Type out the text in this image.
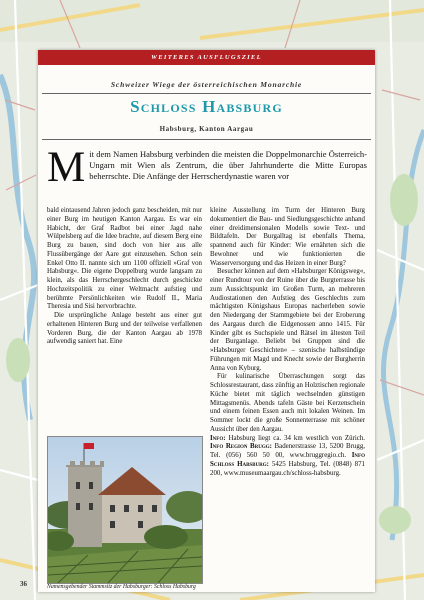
WEITERES AUSFLUGSZIEL
Schweizer Wiege der österreichischen Monarchie
Schloss Habsburg
Habsburg, Kanton Aargau
Mit dem Namen Habsburg verbinden die meisten die Doppelmonarchie Österreich-Ungarn mit Wien als Zentrum, die über Jahrhunderte die Mitte Europas beherrschte. Die Anfänge der Herrscherdynastie waren vor

bald eintausend Jahren jedoch ganz bescheiden, mit nur einer Burg im heutigen Kanton Aargau. Es war ein Habicht, der Graf Radbot bei einer Jagd nahe Wülpelsberg auf die Idee brachte, auf diesem Berg eine Burg zu bauen, sind doch von hier aus alle Flussübergänge der Aare gut einzusehen. Schon sein Enkel Otto II. nannte sich um 1100 offiziell »Graf von Habsburg«. Die eigene Doppelburg wurde langsam zu klein, als das Herrschergeschlecht durch geschickte Hochzeitspolitik zu einer Weltmacht aufstieg und berühmte Persönlichkeiten wie Rudolf II., Maria Theresia und Sisi hervorbrachte.

Die ursprüngliche Anlage besteht aus einer gut erhaltenen Hinteren Burg und der teilweise verfallenen Vorderen Burg, die der Kanton Aargau ab 1978 aufwendig saniert hat. Eine

kleine Ausstellung im Turm der Hinteren Burg dokumentiert die Bau- und Siedlungsgeschichte anhand einer dreidimensionalen Modells sowie Text- und Bildtafeln. Der Burgalltag ist ebenfalls Thema, spannend auch für Kinder: Wie ernährten sich die Bewohner und wie funktionierten die Wasserversorgung und das Heizen in einer Burg?

Besucher können auf dem »Habsburger Königsweg«, einer Rundtour von der Ruine über die Burgterrasse bis zum Aussichtspunkt im Großen Turm, an mehreren Audiostationen den Aufstieg des Geschlechts zum mächtigsten Königshaus Europas nacherleben sowie den Niedergang der Stammgebiete bei der Eroberung des Aargaus durch die Eidgenossen anno 1415. Für Kinder gibt es Suchspiele und Rätsel im ältesten Teil der Burganlage. Beliebt bei Gruppen sind die »Habsburger Geschichten« – szenische halbstündige Führungen mit Magd und Knecht sowie der Burgherrin Anna von Kyburg.

Für kulinarische Überraschungen sorgt das Schlossrestaurant, dass zünftig an Holztischen regionale Küche bietet mit täglich wechselnden günstigen Mittagsmenüs. Abends tafeln Gäste bei Kerzenschein und einem feinen Essen auch mit lokalen Weinen. Im Sommer lockt die große Sonnenterrasse mit schöner Aussicht über den Aargau.

Info: Habsburg liegt ca. 34 km westlich von Zürich. Info Region Brugg: Badenerstrasse 13, 5200 Brugg, Tel. (056) 560 50 00, www.bruggregio.ch. Info Schloss Habsburg: 5425 Habsburg, Tel. (0848) 871 200, www.museumaargau.ch/schloss-habsburg.

Namensgebender Stammsitz der Habsburger: Schloss Habsburg
36
